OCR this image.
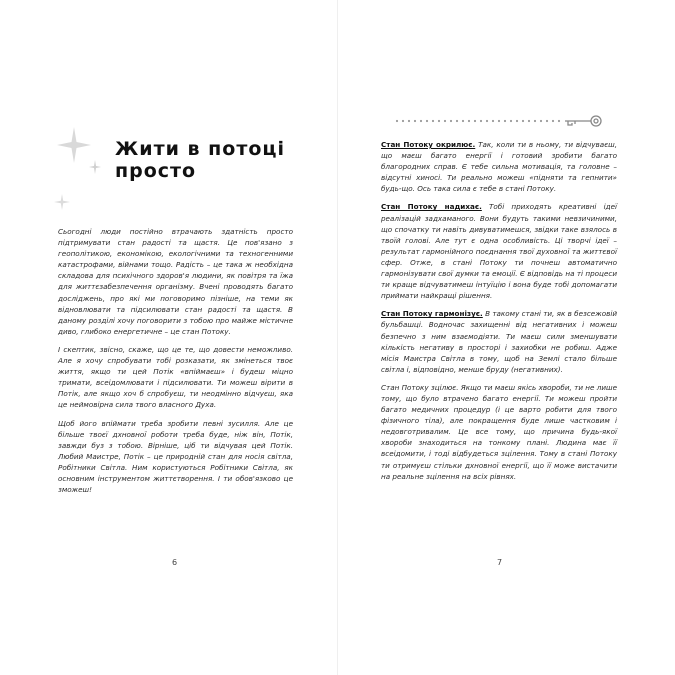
Жити в потоці
просто

Сьогодні люди постійно втрачають здатність просто підтримувати стан радості та щастя. Це пов'язано з геополітикою, економікою, екологічними та техногенними катастрофами, війнами тощо. Радість – це така ж необхідна складова для психічного здоров'я людини, як повітря та їжа для життєзабезпечення організму. Вчені проводять багато досліджень, про які ми поговоримо пізніше, на теми як відновлювати та підсилювати стан радості та щастя. В даному розділі хочу поговорити з тобою про майже містичне диво, глибоко енергетичне – це стан Потоку.

І скептик, звісно, скаже, що це те, що довести неможливо. Але я хочу спробувати тобі розказати, як змінеться твоє життя, якщо ти цей Потік «впіймаєш» і будеш міцно тримати, всеідомлювати і підсилювати. Ти можеш вірити в Потік, але якщо хоч б спробуєш, ти неодмінно відчуєш, яка це неймовірна сила твого власного Духа.

Щоб його впіймати треба зробити певні зусилля. Але це більше твоєї дхновної роботи треба буде, ніж він, Потік, завжди буз з тобою. Вірніше, ціб ти відчувая цей Потік. Любий Маистре, Потік – це природній стан для носія світла, Робітники Світла. Ним користуються Робітники Світла, як основним інструментом життєтворення. І ти обов'язково це зможеш!

6

Стан Потоку окрилює. Так, коли ти в ньому, ти відчуваєш, що маєш багато енергії і готовий зробити багато благородних справ. Є тебе сильна мотивація, та головне – відсутні хиносі. Ти реально можеш «підняти та гепнити» будь-що. Ось така сила є тебе в стані Потоку.

Стан Потоку надихає. Тобі приходять креативні ідеї реалізацій задхаманого. Вони будуть такими невзичиними, що спочатку ти навіть дивуватимешся, звідки таке взялось в твоїй голові. Але тут є одна особливість. Ці творчі ідеї – результат гармонійного поєднання твої духовної та життєвої сфер. Отже, в стані Потоку ти почнеш автоматично гармонізувати свої думки та емоції. Є відповідь на ті процеси ти краще відчуватимеш інтуїцію і вона буде тобі допомагати приймати найкращі рішення.

Стан Потоку гармонізує. В такому стані ти, як в безсежовій бульбашці. Водночас захищенні від негативних і можеш безпечно з ним взаємодіяти. Ти маєш сили зменшувати кількість негативу в просторі і захиобки не робиш. Адже місія Маистра Світла в тому, щоб на Землі стало більше світла і, відповідно, менше бруду (негативних).

Стан Потоку зцілює. Якщо ти маєш якісь хвороби, ти не лише тому, що було втрачено багато енергії. Ти можеш пройти багато медичних процедур (і це варто робити для твого фізичного тіла), але покращення буде лише частковим і недовготривалим. Це все тому, що причина будь-якої хвороби знаходиться на тонкому плані. Людина має її всеідомити, і тоді відбудеться зцілення. Тому в стані Потоку ти отримуєш стільки дхновної енергії, що її може вистачити на реальне зцілення на всіх рівнях.

7
